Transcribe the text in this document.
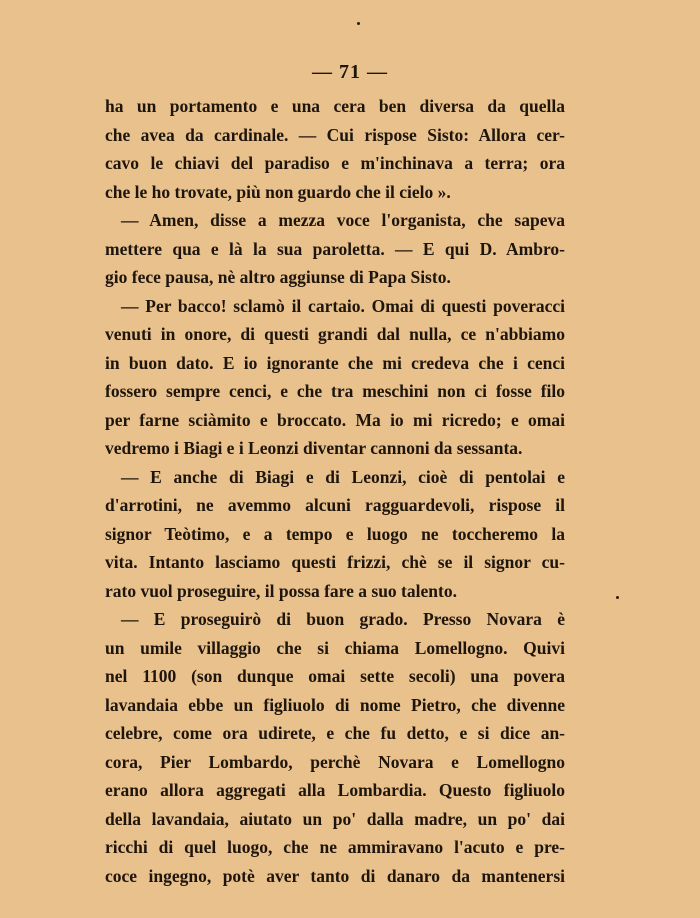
— 71 —
ha un portamento e una cera ben diversa da quella
che avea da cardinale. — Cui rispose Sisto: Allora cer-
cavo le chiavi del paradiso e m'inchinava a terra; ora
che le ho trovate, più non guardo che il cielo ».
— Amen, disse a mezza voce l'organista, che sapeva
mettere qua e là la sua paroletta. — E qui D. Ambro-
gio fece pausa, nè altro aggiunse di Papa Sisto.
— Per bacco! sclamò il cartaio. Omai di questi poveracci
venuti in onore, di questi grandi dal nulla, ce n'abbiamo
in buon dato. E io ignorante che mi credeva che i cenci
fossero sempre cenci, e che tra meschini non ci fosse filo
per farne sciàmito e broccato. Ma io mi ricredo; e omai
vedremo i Biagi e i Leonzi diventar cannoni da sessanta.
— E anche di Biagi e di Leonzi, cioè di pentolai e
d'arrotini, ne avemmo alcuni ragguardevoli, rispose il
signor Teòtimo, e a tempo e luogo ne toccheremo la
vita. Intanto lasciamo questi frizzi, chè se il signor cu-
rato vuol proseguire, il possa fare a suo talento.
— E proseguirò di buon grado. Presso Novara è
un umile villaggio che si chiama Lomellogno. Quivi
nel 1100 (son dunque omai sette secoli) una povera
lavandaia ebbe un figliuolo di nome Pietro, che divenne
celebre, come ora udirete, e che fu detto, e si dice an-
cora, Pier Lombardo, perchè Novara e Lomellogno
erano allora aggregati alla Lombardia. Questo figliuolo
della lavandaia, aiutato un po' dalla madre, un po' dai
ricchi di quel luogo, che ne ammiravano l'acuto e pre-
coce ingegno, potè aver tanto di danaro da mantenersi
